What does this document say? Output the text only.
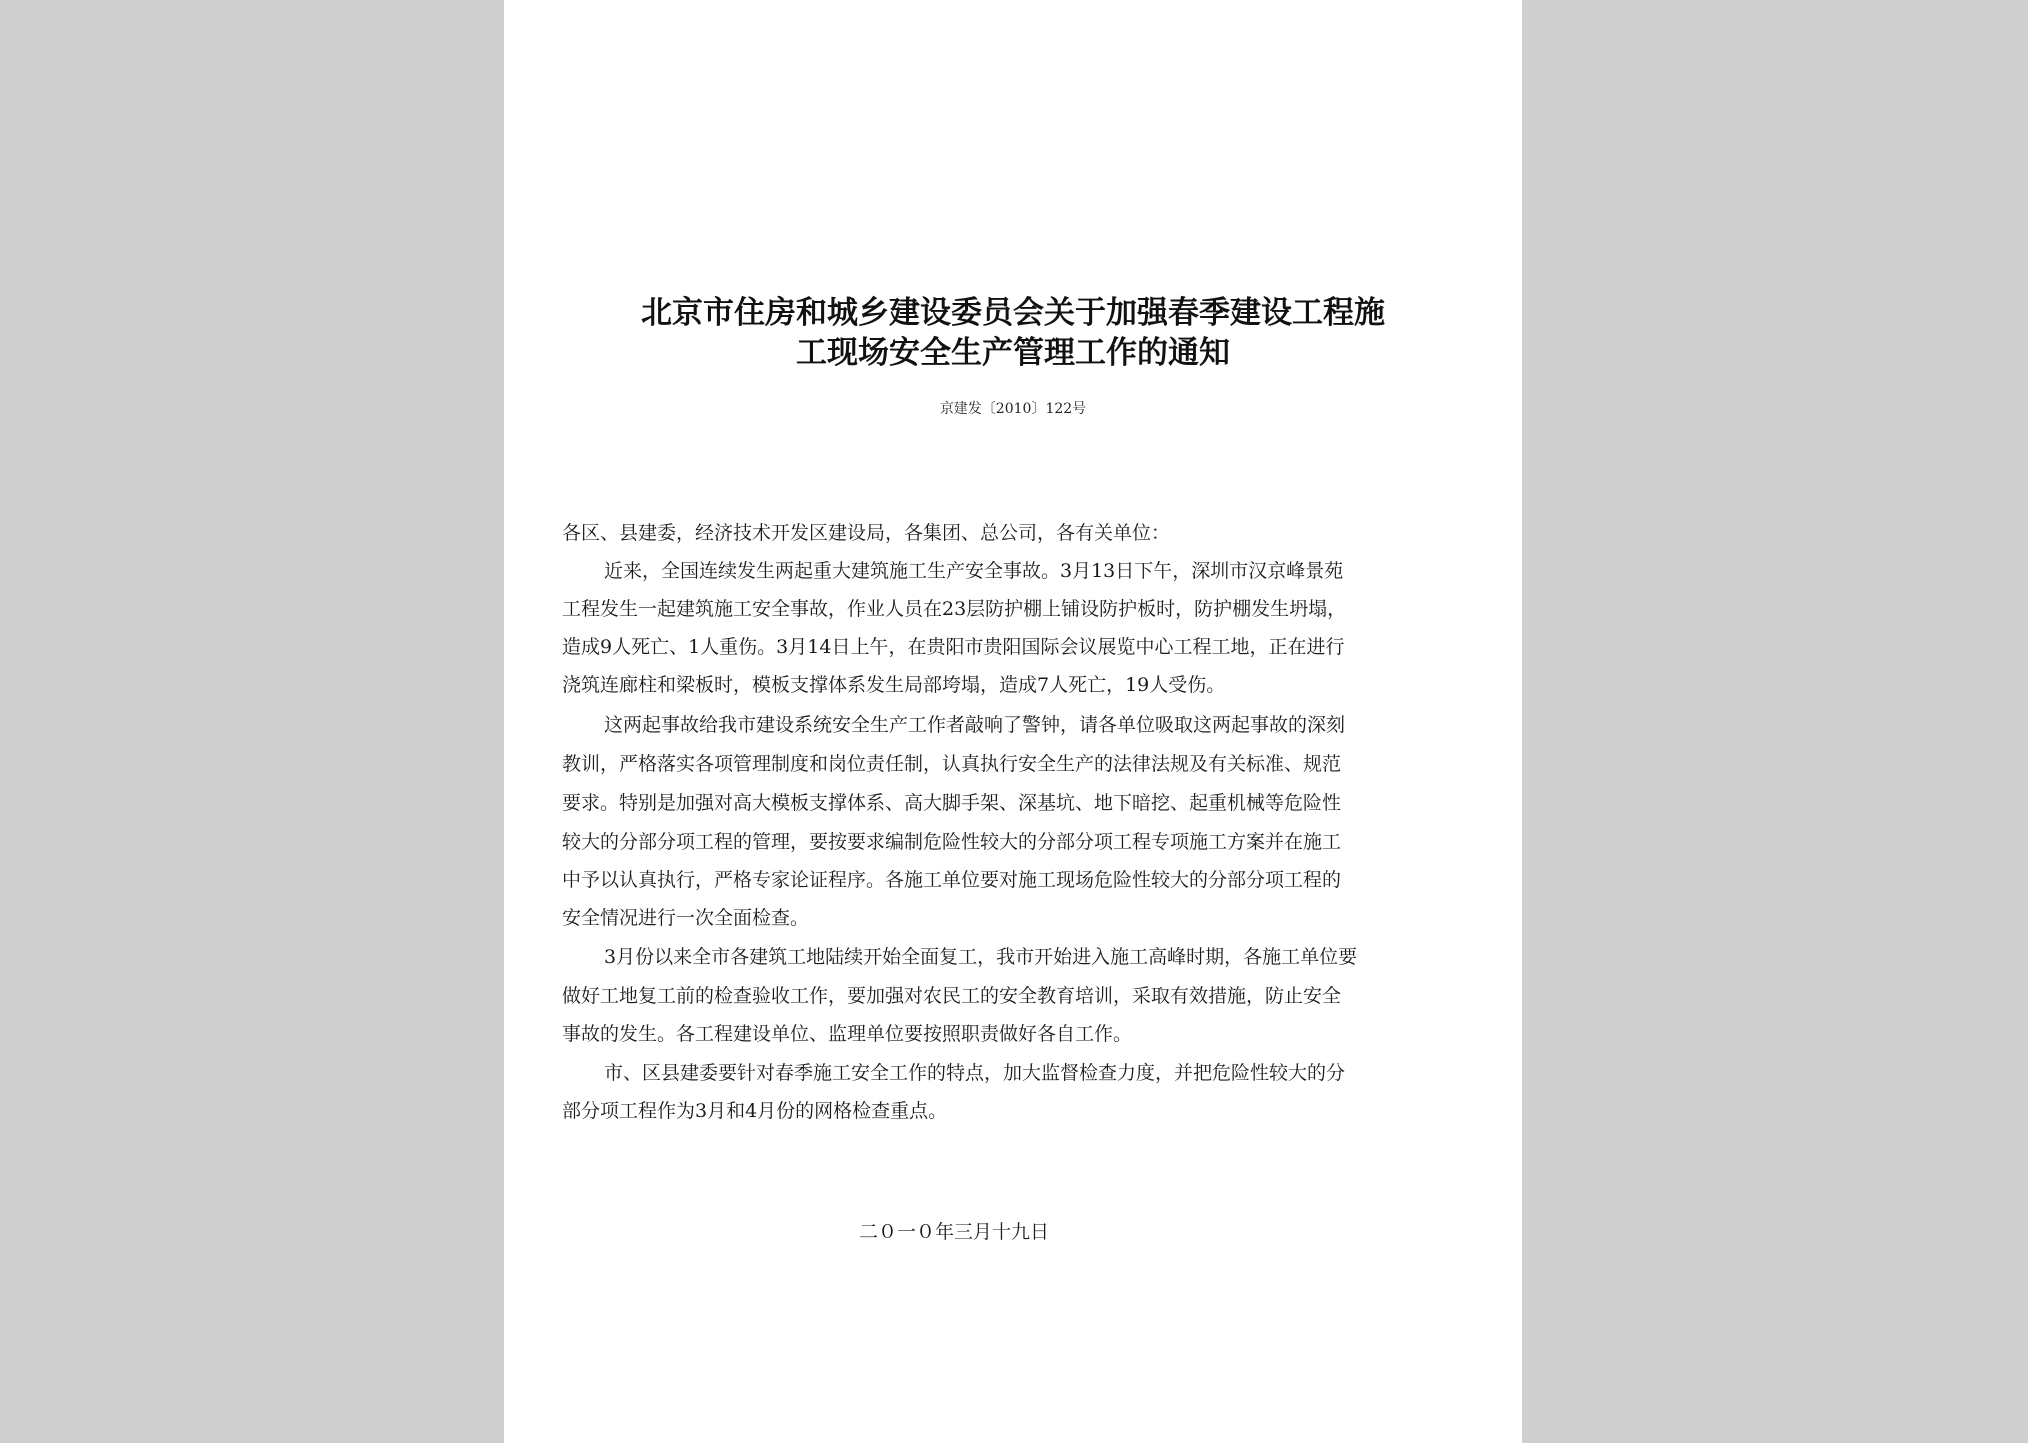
北京市住房和城乡建设委员会关于加强春季建设工程施
工现场安全生产管理工作的通知
京建发〔2010〕122号
各区、县建委，经济技术开发区建设局，各集团、总公司，各有关单位：
近来，全国连续发生两起重大建筑施工生产安全事故。3月13日下午，深圳市汉京峰景苑
工程发生一起建筑施工安全事故，作业人员在23层防护棚上铺设防护板时，防护棚发生坍塌，
造成9人死亡、1人重伤。3月14日上午，在贵阳市贵阳国际会议展览中心工程工地，正在进行
浇筑连廊柱和梁板时，模板支撑体系发生局部垮塌，造成7人死亡，19人受伤。
这两起事故给我市建设系统安全生产工作者敲响了警钟，请各单位吸取这两起事故的深刻
教训，严格落实各项管理制度和岗位责任制，认真执行安全生产的法律法规及有关标准、规范
要求。特别是加强对高大模板支撑体系、高大脚手架、深基坑、地下暗挖、起重机械等危险性
较大的分部分项工程的管理，要按要求编制危险性较大的分部分项工程专项施工方案并在施工
中予以认真执行，严格专家论证程序。各施工单位要对施工现场危险性较大的分部分项工程的
安全情况进行一次全面检查。
3月份以来全市各建筑工地陆续开始全面复工，我市开始进入施工高峰时期，各施工单位要
做好工地复工前的检查验收工作，要加强对农民工的安全教育培训，采取有效措施，防止安全
事故的发生。各工程建设单位、监理单位要按照职责做好各自工作。
市、区县建委要针对春季施工安全工作的特点，加大监督检查力度，并把危险性较大的分
部分项工程作为3月和4月份的网格检查重点。
二０一０年三月十九日
